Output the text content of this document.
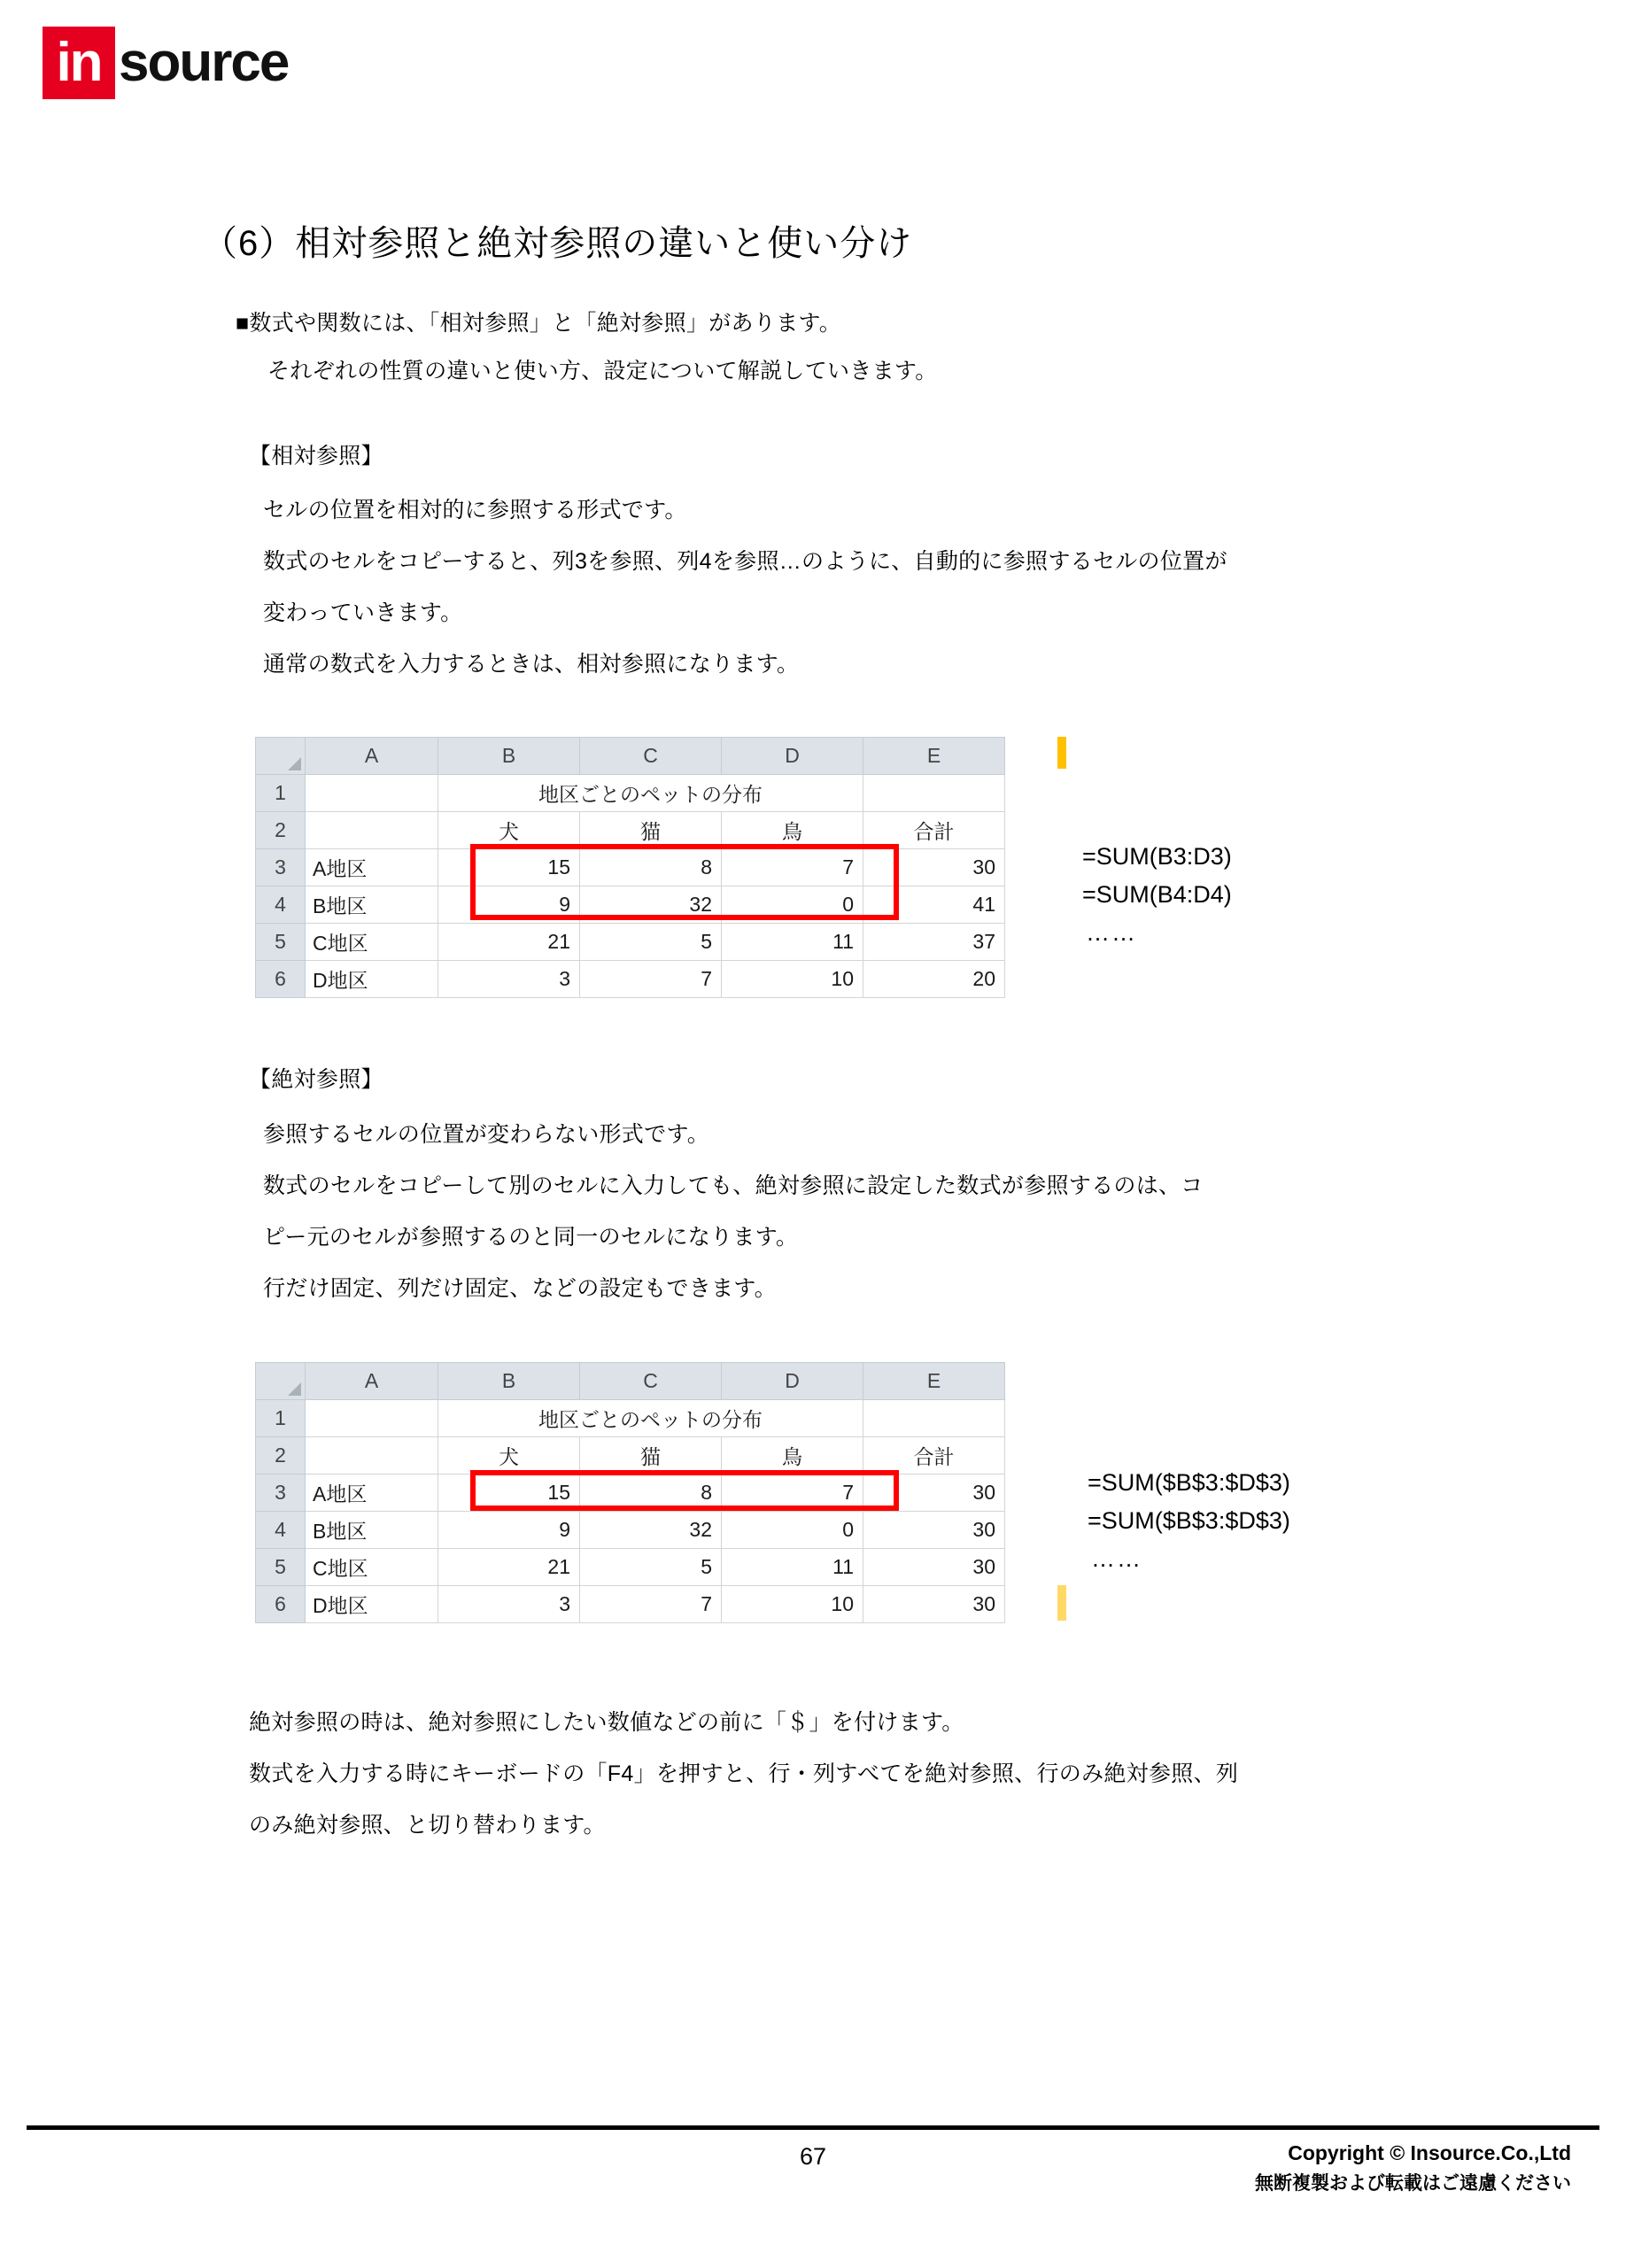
in source
（6）相対参照と絶対参照の違いと使い分け
■数式や関数には、「相対参照」と「絶対参照」があります。
それぞれの性質の違いと使い方、設定について解説していきます。
【相対参照】
セルの位置を相対的に参照する形式です。
数式のセルをコピーすると、列3を参照、列4を参照…のように、自動的に参照するセルの位置が
変わっていきます。
通常の数式を入力するときは、相対参照になります。
	A	B	C	D	E
1		地区ごとのペットの分布			
2		犬	猫	鳥	合計
3	A地区	15	8	7	30
4	B地区	9	32	0	41
5	C地区	21	5	11	37
6	D地区	3	7	10	20
=SUM(B3:D3)
=SUM(B4:D4)
……
【絶対参照】
参照するセルの位置が変わらない形式です。
数式のセルをコピーして別のセルに入力しても、絶対参照に設定した数式が参照するのは、コ
ピー元のセルが参照するのと同一のセルになります。
行だけ固定、列だけ固定、などの設定もできます。
	A	B	C	D	E
1		地区ごとのペットの分布			
2		犬	猫	鳥	合計
3	A地区	15	8	7	30
4	B地区	9	32	0	30
5	C地区	21	5	11	30
6	D地区	3	7	10	30
=SUM($B$3:$D$3)
=SUM($B$3:$D$3)
……
絶対参照の時は、絶対参照にしたい数値などの前に「＄」を付けます。
数式を入力する時にキーボードの「F4」を押すと、行・列すべてを絶対参照、行のみ絶対参照、列
のみ絶対参照、と切り替わります。
67	Copyright © Insource.Co.,Ltd
無断複製および転載はご遠慮ください
